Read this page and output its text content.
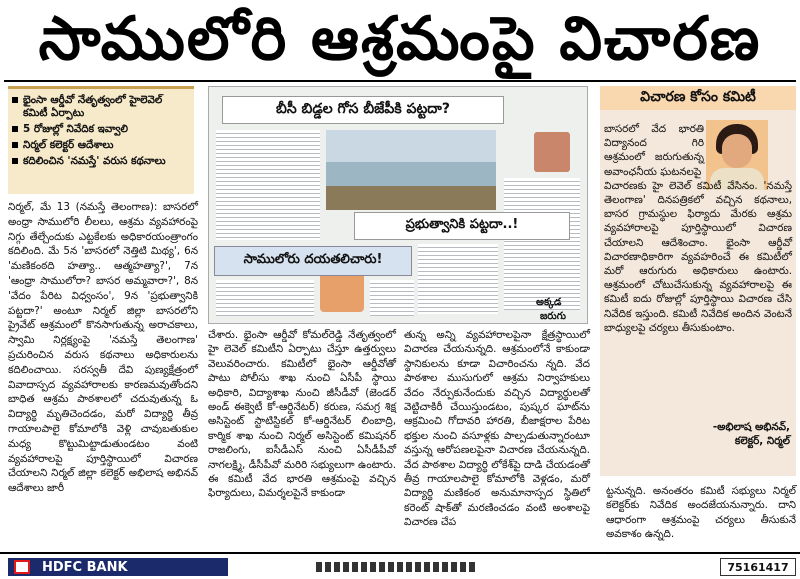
సాములోరి ఆశ్రమంపై విచారణ
భైంసా ఆర్డీవో నేతృత్వంలో హైలెవెల్ కమిటీ ఏర్పాటు
5 రోజుల్లో నివేదిక ఇవ్వాలి
నిర్మల్ కలెక్టర్ ఆదేశాలు
కదిలించిన 'నమస్తే' వరుస కథనాలు

నిర్మల్, మే 13 (నమస్తే తెలంగాణ): బాసరలో అంధ్రా సాములోరి లీలలు, ఆశ్రమ వ్యవహారంపై నిగ్గు తేల్చేందుకు ఎట్టకేలకు అధికారయంత్రాంగం కదిలింది. మే 5న 'బాసరలో నెత్తిటి మిథ్య', 6న 'మణికంఠది హత్యా.. ఆత్మహత్యా?', 7న 'ఆంధ్రా సాములోరా? బాసర అమ్మవారా?', 8న 'వేదం పేరిట విధ్వంసం', 9న 'ప్రభుత్వానికి పట్టదా?' అంటూ నిర్మల్ జిల్లా బాసరలోని ప్రైవేట్ ఆశ్రమంలో కొనసాగుతున్న అరాచకాలు, స్వామి నిర్లక్ష్యంపై 'నమస్తే తెలంగాణ' ప్రచురించిన వరుస కథనాలు అధికారులను కదిలించాయి. సరస్వతీ దేవి పుణ్యక్షేత్రంలో వివాదాస్పద వ్యవహారాలకు కారణమవుతోందని బాధిత ఆశ్రమ పాఠశాలలో చదువుతున్న ఓ విద్యార్థి మృతిచెందడం, మరో విద్యార్థి తీవ్ర గాయాలపాలై కోమాలోకి వెళ్లి చావుబతుకుల మధ్య కొట్టుమిట్టాడుతుండటం వంటి వ్యవహారాలపై పూర్తిస్థాయిలో విచారణ చేయాలని నిర్మల్ జిల్లా కలెక్టర్ అభిలాష అభినవ్ ఆదేశాలు జారీ

బీసీ బిడ్డల గోస బీజేపీకి పట్టదా?
ప్రభుత్వానికి పట్టదా..!
సాములోరు దయతలిచారు!
అక్కడ
జరుగు
విచారణ కోసం కమిటీ

బాసరలో వేద భారతి విద్యానంద గిరి ఆశ్రమంలో జరుగుతున్న అవాంఛనీయ ఘటనలపై

విచారణకు హై లెవెల్ కమిటీ వేసినం. 'నమస్తే తెలంగాణ' దినపత్రికలో వచ్చిన కథనాలు, బాసర గ్రామస్థుల ఫిర్యాదు మేరకు ఆశ్రమ వ్యవహారాలపై పూర్తిస్థాయిలో విచారణ చేయాలని ఆదేశించాం. భైంసా ఆర్డీవో విచారణాధికారిగా వ్యవహరించే ఈ కమిటీలో మరో ఆరుగురు అధికారులు ఉంటారు. ఆశ్రమంలో చోటుచేసుకున్న వ్యవహారాలపై ఈ కమిటీ ఐదు రోజుల్లో పూర్తిస్థాయి విచారణ చేసి నివేదిక ఇస్తుంది. కమిటీ నివేదిక అందిన వెంటనే బాధ్యులపై చర్యలు తీసుకుంటాం.

-అభిలాష అభినవ్,
కలెక్టర్, నిర్మల్

చేశారు. భైంసా ఆర్డీవో కోమల్‌రెడ్డి నేతృత్వంలో హై లెవెల్ కమిటీని ఏర్పాటు చేస్తూ ఉత్తర్వులు వెలువరించారు. కమిటీలో భైంసా ఆర్డీవోతో పాటు పోలీసు శాఖ నుంచి ఏసీపీ స్థాయి అధికారి, విద్యాశాఖ నుంచి జీసీడీవో (జెండర్ అండ్ ఈక్వెటీ కో-ఆర్డినేటర్) కరుణ, సమగ్ర శిక్ష అసిస్టెంట్ స్టాటిస్టికల్ కో-ఆర్డినేటర్ లింబాద్రి, కార్మిక శాఖ నుంచి నిర్మల్ అసిస్టెంట్ కమిషనర్ రాజలింగు, ఐసీడీఎస్ నుంచి ఏసీడీపీవో నాగలక్ష్మి, డీసీపీవో మరిరి సభ్యులుగా ఉంటారు. ఈ కమిటీ వేద భారతి ఆశ్రమంపై వచ్చిన ఫిర్యాదులు, విమర్శలపైనే కాకుండా

తున్న అన్ని వ్యవహారాలపైనా క్షేత్రస్థాయిలో విచారణ చేయనున్నది. ఆశ్రమంలోనే కాకుండా స్థానికులను కూడా విచారించను న్నది. వేద పాఠశాల ముసుగులో ఆశ్రమ నిర్వాహకులు వేదం నేర్పుకునేందుకు వచ్చిన విద్యార్థులతో వెట్టిచాకిరీ చేయిస్తుండటం, పుష్కర ఘాట్‌ను ఆక్రమించి గోదావరి హారతి, బీజాక్షరాల పేరిట భక్తుల నుంచి వసూళ్లకు పాల్పడుతున్నారంటూ వస్తున్న ఆరోపణలపైనా విచారణ చేయనున్నది. వేద పాఠశాల విద్యార్థి లోకేశ్‌పై దాడి చేయడంతో తీవ్ర గాయాలపాలై కోమాలోకి వెళ్లడం, మరో విద్యార్థి మణికంఠ అనుమానాస్పద స్థితిలో కరెంట్ షాక్‌తో మరణించడం వంటి అంశాలపై విచారణ చేప

ట్టనున్నది. అనంతరం కమిటీ సభ్యులు నిర్మల్ కలెక్టర్‌కు నివేదిక అందజేయనున్నారు. దాని ఆధారంగా ఆశ్రమంపై చర్యలు తీసుకునే అవకాశం ఉన్నది.

HDFC BANK	75161417
